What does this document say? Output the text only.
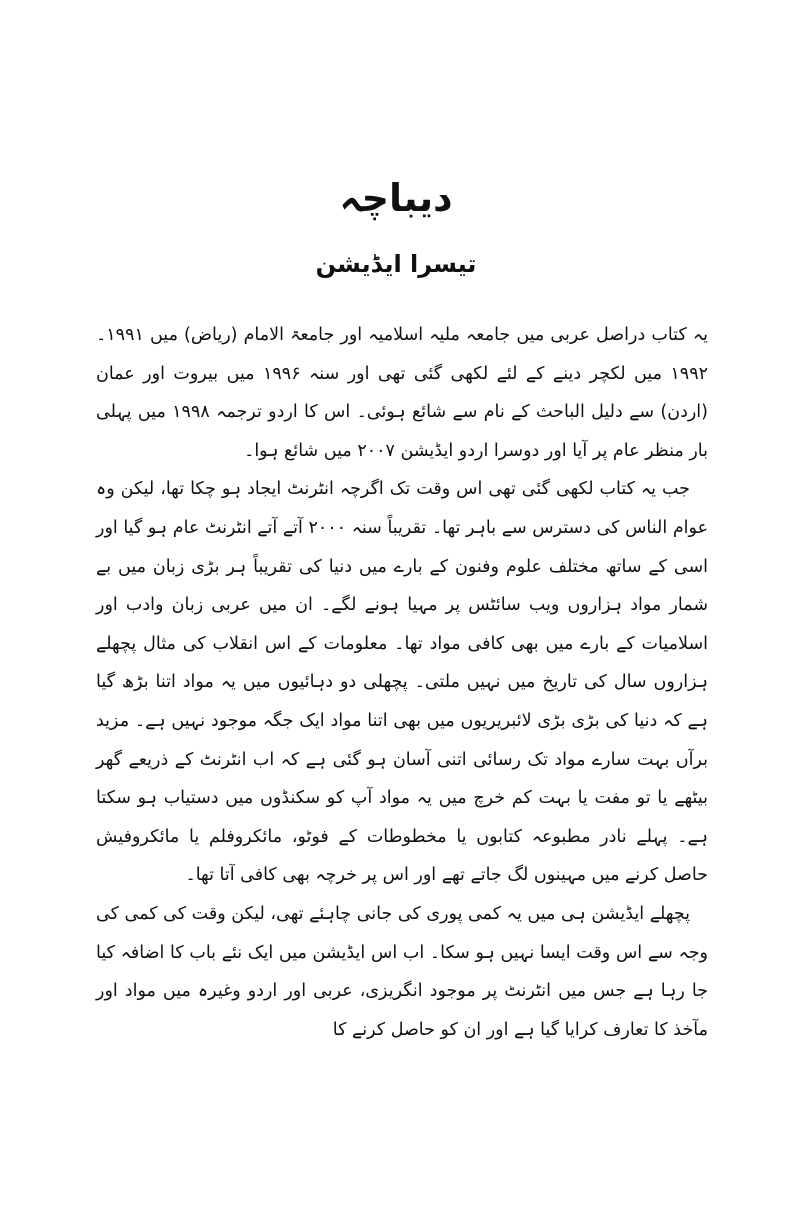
دیباچہ
تیسرا ایڈیشن

یہ کتاب دراصل عربی میں جامعہ ملیہ اسلامیہ اور جامعۃ الامام (ریاض) میں ۱۹۹۱۔ ۱۹۹۲ میں لکچر دینے کے لئے لکھی گئی تھی اور سنہ ۱۹۹۶ میں بیروت اور عمان (اردن) سے دلیل الباحث کے نام سے شائع ہوئی۔ اس کا اردو ترجمہ ۱۹۹۸ میں پہلی بار منظر عام پر آیا اور دوسرا اردو ایڈیشن ۲۰۰۷ میں شائع ہوا۔

جب یہ کتاب لکھی گئی تھی اس وقت تک اگرچہ انٹرنٹ ایجاد ہو چکا تھا، لیکن وہ عوام الناس کی دسترس سے باہر تھا۔ تقریباً سنہ ۲۰۰۰ آتے آتے انٹرنٹ عام ہو گیا اور اسی کے ساتھ مختلف علوم وفنون کے بارے میں دنیا کی تقریباً ہر بڑی زبان میں بے شمار مواد ہزاروں ویب سائٹس پر مہیا ہونے لگے۔ ان میں عربی زبان وادب اور اسلامیات کے بارے میں بھی کافی مواد تھا۔ معلومات کے اس انقلاب کی مثال پچھلے ہزاروں سال کی تاریخ میں نہیں ملتی۔ پچھلی دو دہائیوں میں یہ مواد اتنا بڑھ گیا ہے کہ دنیا کی بڑی بڑی لائبریریوں میں بھی اتنا مواد ایک جگہ موجود نہیں ہے۔ مزید برآں بہت سارے مواد تک رسائی اتنی آسان ہو گئی ہے کہ اب انٹرنٹ کے ذریعے گھر بیٹھے یا تو مفت یا بہت کم خرچ میں یہ مواد آپ کو سکنڈوں میں دستیاب ہو سکتا ہے۔ پہلے نادر مطبوعہ کتابوں یا مخطوطات کے فوٹو، مائکروفلم یا مائکروفیش حاصل کرنے میں مہینوں لگ جاتے تھے اور اس پر خرچہ بھی کافی آتا تھا۔

پچھلے ایڈیشن ہی میں یہ کمی پوری کی جانی چاہئے تھی، لیکن وقت کی کمی کی وجہ سے اس وقت ایسا نہیں ہو سکا۔ اب اس ایڈیشن میں ایک نئے باب کا اضافہ کیا جا رہا ہے جس میں انٹرنٹ پر موجود انگریزی، عربی اور اردو وغیرہ میں مواد اور مآخذ کا تعارف کرایا گیا ہے اور ان کو حاصل کرنے کا
